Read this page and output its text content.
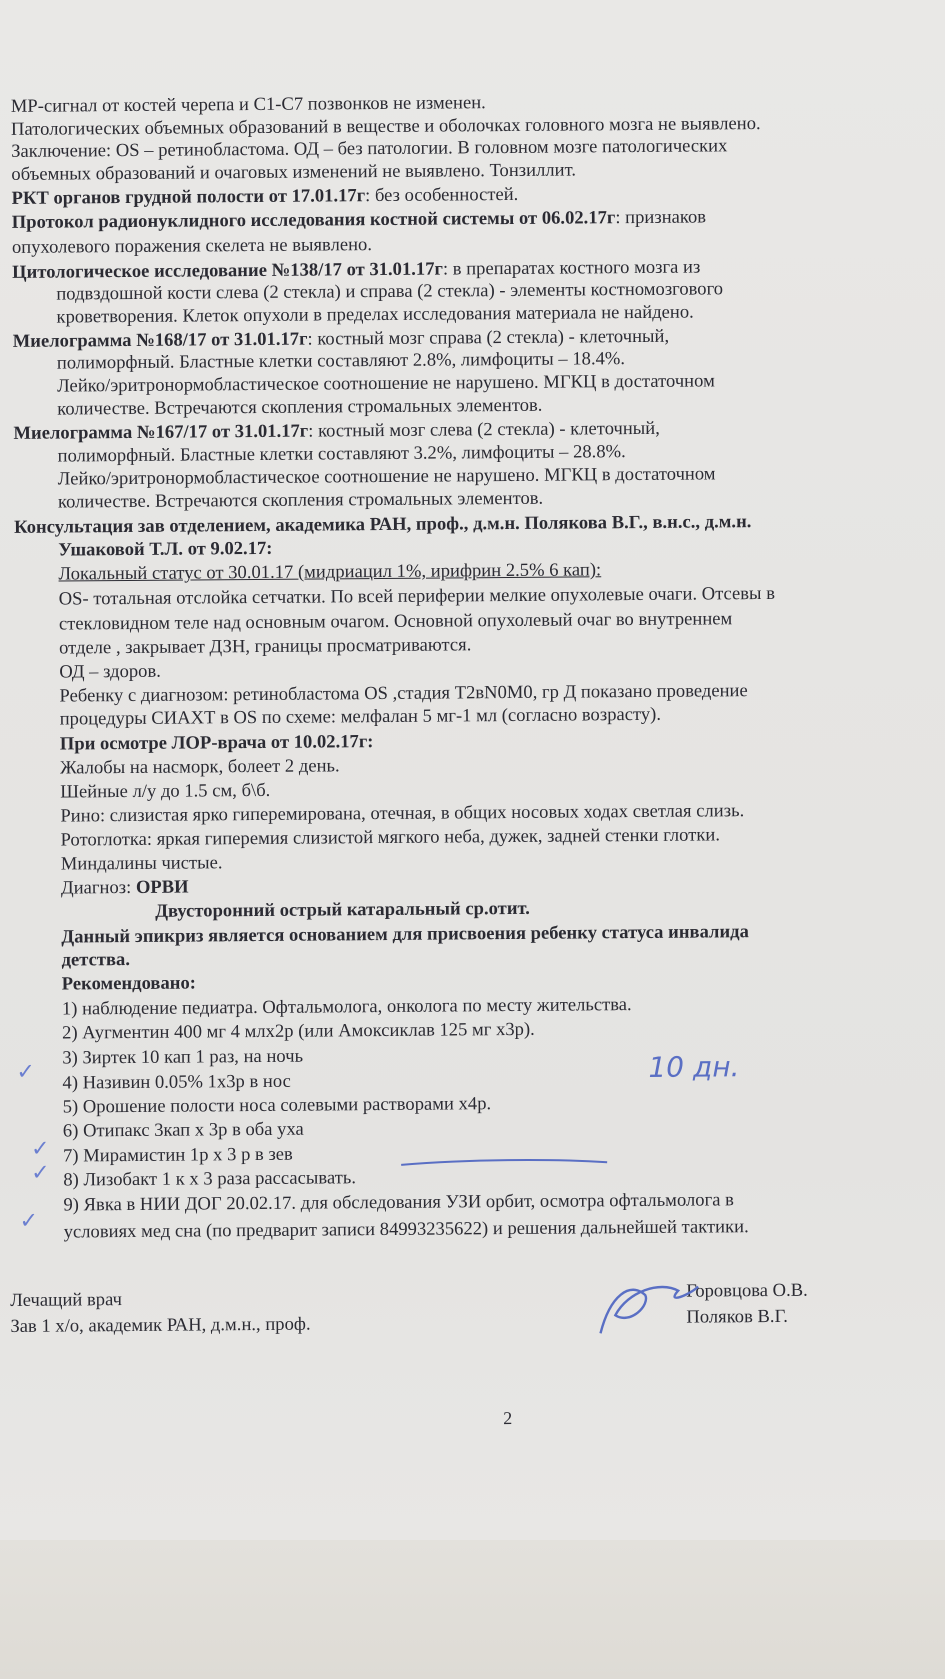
МР-сигнал от костей черепа и С1-С7 позвонков не изменен.
Патологических объемных образований в веществе и оболочках головного мозга не выявлено.
Заключение: OS – ретинобластома. ОД – без патологии. В головном мозге патологических
объемных образований и очаговых изменений не выявлено. Тонзиллит.
РКТ органов грудной полости от 17.01.17г: без особенностей.
Протокол радионуклидного исследования костной системы от 06.02.17г: признаков
опухолевого поражения скелета не выявлено.
Цитологическое исследование №138/17 от 31.01.17г: в препаратах костного мозга из
подвздошной кости слева (2 стекла) и справа (2 стекла) - элементы костномозгового
кроветворения. Клеток опухоли в пределах исследования материала не найдено.
Миелограмма №168/17 от 31.01.17г: костный мозг справа (2 стекла) - клеточный,
полиморфный. Бластные клетки составляют 2.8%, лимфоциты – 18.4%.
Лейко/эритронормобластическое соотношение не нарушено. МГКЦ в достаточном
количестве. Встречаются скопления стромальных элементов.
Миелограмма №167/17 от 31.01.17г: костный мозг слева (2 стекла) - клеточный,
полиморфный. Бластные клетки составляют 3.2%, лимфоциты – 28.8%.
Лейко/эритронормобластическое соотношение не нарушено. МГКЦ в достаточном
количестве. Встречаются скопления стромальных элементов.
Консультация зав отделением, академика РАН, проф., д.м.н. Полякова В.Г., в.н.с., д.м.н.
Ушаковой Т.Л. от 9.02.17:
Локальный статус от 30.01.17 (мидриацил 1%, ирифрин 2.5% 6 кап):
OS- тотальная отслойка сетчатки. По всей периферии мелкие опухолевые очаги. Отсевы в
стекловидном теле над основным очагом. Основной опухолевый очаг во внутреннем
отделе , закрывает ДЗН, границы просматриваются.
ОД – здоров.
Ребенку с диагнозом: ретинобластома OS ,стадия T2вN0M0, гр Д показано проведение
процедуры СИАХТ в OS по схеме: мелфалан 5 мг-1 мл (согласно возрасту).
При осмотре ЛОР-врача от 10.02.17г:
Жалобы на насморк, болеет 2 день.
Шейные л/у до 1.5 см, б\б.
Рино: слизистая ярко гиперемирована, отечная, в общих носовых ходах светлая слизь.
Ротоглотка: яркая гиперемия слизистой мягкого неба, дужек, задней стенки глотки.
Миндалины чистые.
Диагноз: ОРВИ
Двусторонний острый катаральный ср.отит.
Данный эпикриз является основанием для присвоения ребенку статуса инвалида
детства.
Рекомендовано:
1) наблюдение педиатра. Офтальмолога, онколога по месту жительства.
2) Аугментин 400 мг 4 млх2р (или Амоксиклав 125 мг х3р).
3) Зиртек 10 кап 1 раз, на ночь
4) Називин 0.05% 1х3р в нос
5) Орошение полости носа солевыми растворами х4р.
6) Отипакс 3кап х 3р в оба уха
7) Мирамистин 1р х 3 р в зев
8) Лизобакт 1 к х 3 раза рассасывать.
9) Явка в НИИ ДОГ 20.02.17. для обследования УЗИ орбит, осмотра офтальмолога в
условиях мед сна (по предварит записи 84993235622) и решения дальнейшей тактики.
Лечащий врач
Зав 1 х/о, академик РАН, д.м.н., проф.
Горовцова О.В.
Поляков В.Г.
2
10 дн.
✓
✓
✓
✓
